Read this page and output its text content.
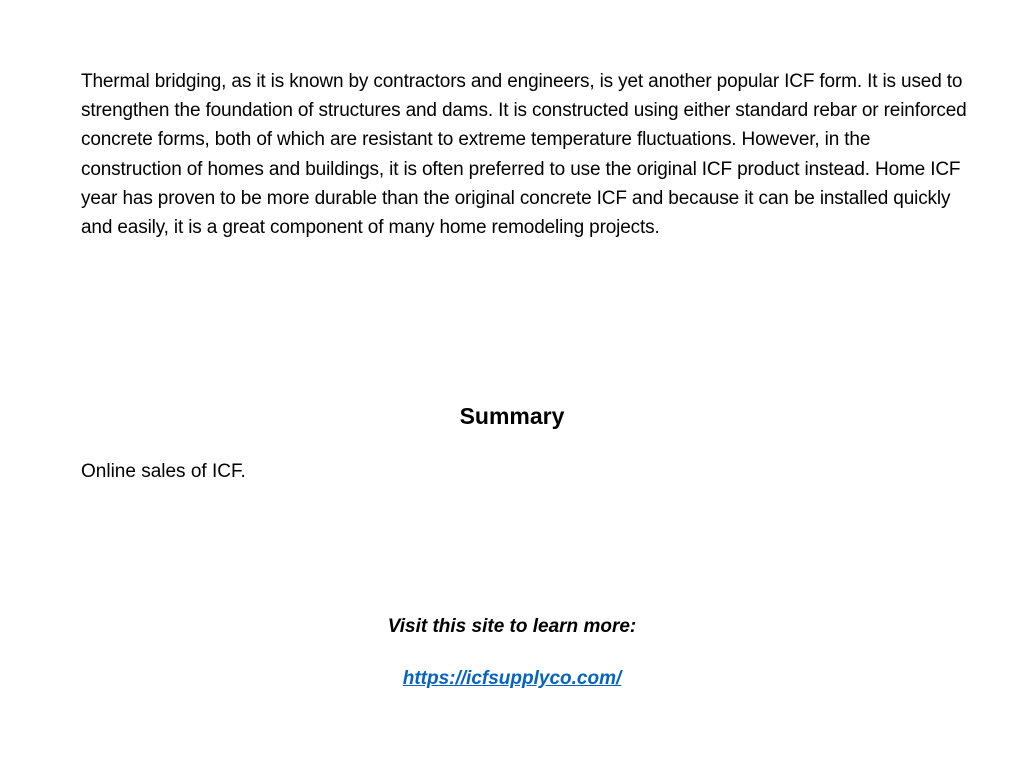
Thermal bridging, as it is known by contractors and engineers, is yet another popular ICF form. It is used to strengthen the foundation of structures and dams. It is constructed using either standard rebar or reinforced concrete forms, both of which are resistant to extreme temperature fluctuations. However, in the construction of homes and buildings, it is often preferred to use the original ICF product instead. Home ICF year has proven to be more durable than the original concrete ICF and because it can be installed quickly and easily, it is a great component of many home remodeling projects.

Summary

Online sales of ICF.

Visit this site to learn more:

https://icfsupplyco.com/
